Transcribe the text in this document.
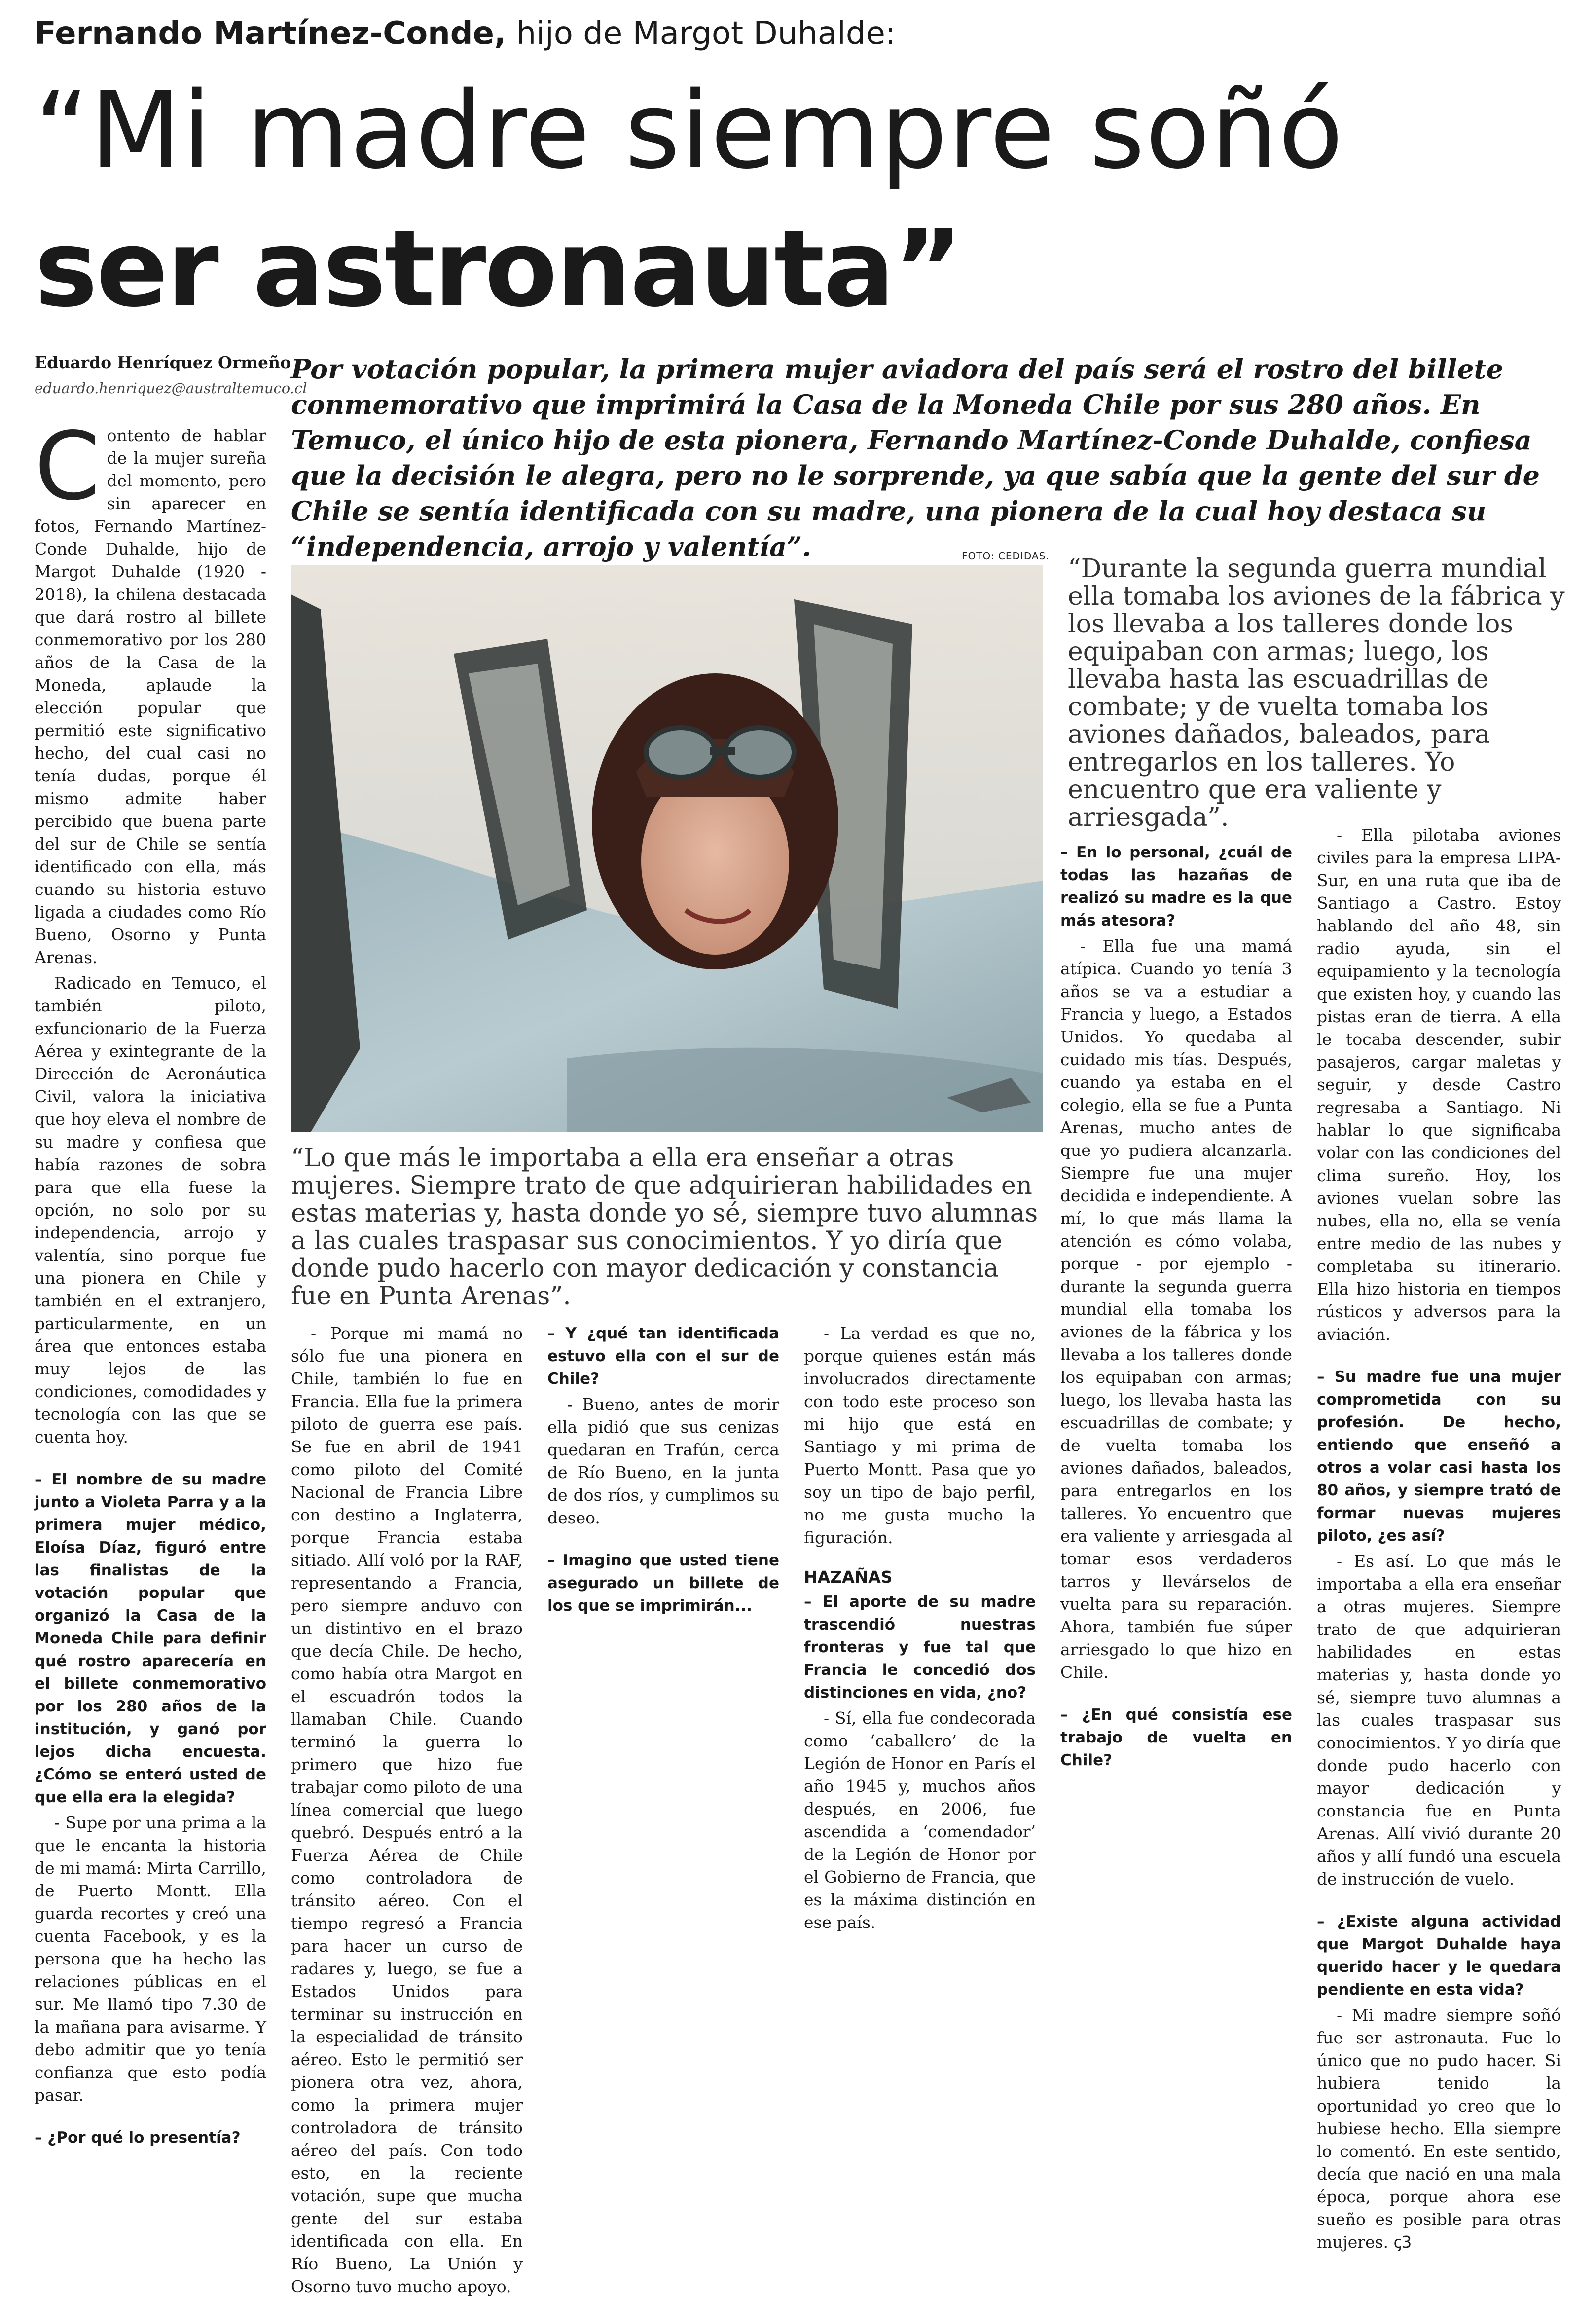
Fernando Martínez-Conde, hijo de Margot Duhalde:
“Mi madre siempre soñó
ser astronauta”
Eduardo Henríquez Ormeño
eduardo.henriquez@australtemuco.cl
Por votación popular, la primera mujer aviadora del país será el rostro del billete conmemorativo que imprimirá la Casa de la Moneda Chile por sus 280 años. En Temuco, el único hijo de esta pionera, Fernando Martínez-Conde Duhalde, confiesa que la decisión le alegra, pero no le sorprende, ya que sabía que la gente del sur de Chile se sentía identificada con su madre, una pionera de la cual hoy destaca su “independencia, arrojo y valentía”.	FOTO: CEDIDAS. “Durante la segunda guerra mundial ella tomaba los aviones de la fábrica y los llevaba a los talleres donde los equipaban con armas; luego, los llevaba hasta las escuadrillas de combate; y de vuelta tomaba los aviones dañados, baleados, para entregarlos en los talleres. Yo encuentro que era valiente y arriesgada”.
“Lo que más le importaba a ella era enseñar a otras mujeres. Siempre trato de que adquirieran habilidades en estas materias y, hasta donde yo sé, siempre tuvo alumnas a las cuales traspasar sus conocimientos. Y yo diría que donde pudo hacerlo con mayor dedicación y constancia fue en Punta Arenas”.

Contento de hablar de la mujer sureña del momento, pero sin aparecer en fotos, Fernando Martínez-Conde Duhalde, hijo de Margot Duhalde (1920 - 2018), la chilena destacada que dará rostro al billete conmemorativo por los 280 años de la Casa de la Moneda, aplaude la elección popular que permitió este significativo hecho, del cual casi no tenía dudas, porque él mismo admite haber percibido que buena parte del sur de Chile se sentía identificado con ella, más cuando su historia estuvo ligada a ciudades como Río Bueno, Osorno y Punta Arenas.

Radicado en Temuco, el también piloto, exfuncionario de la Fuerza Aérea y exintegrante de la Dirección de Aeronáutica Civil, valora la iniciativa que hoy eleva el nombre de su madre y confiesa que había razones de sobra para que ella fuese la opción, no solo por su independencia, arrojo y valentía, sino porque fue una pionera en Chile y también en el extranjero, particularmente, en un área que entonces estaba muy lejos de las condiciones, comodidades y tecnología con las que se cuenta hoy.

– El nombre de su madre junto a Violeta Parra y a la primera mujer médico, Eloísa Díaz, figuró entre las finalistas de la votación popular que organizó la Casa de la Moneda Chile para definir qué rostro aparecería en el billete conmemorativo por los 280 años de la institución, y ganó por lejos dicha encuesta. ¿Cómo se enteró usted de que ella era la elegida?

- Supe por una prima a la que le encanta la historia de mi mamá: Mirta Carrillo, de Puerto Montt. Ella guarda recortes y creó una cuenta Facebook, y es la persona que ha hecho las relaciones públicas en el sur. Me llamó tipo 7.30 de la mañana para avisarme. Y debo admitir que yo tenía confianza que esto podía pasar.

– ¿Por qué lo presentía?

- Porque mi mamá no sólo fue una pionera en Chile, también lo fue en Francia. Ella fue la primera piloto de guerra ese país. Se fue en abril de 1941 como piloto del Comité Nacional de Francia Libre con destino a Inglaterra, porque Francia estaba sitiado. Allí voló por la RAF, representando a Francia, pero siempre anduvo con un distintivo en el brazo que decía Chile. De hecho, como había otra Margot en el escuadrón todos la llamaban Chile. Cuando terminó la guerra lo primero que hizo fue trabajar como piloto de una línea comercial que luego quebró. Después entró a la Fuerza Aérea de Chile como controladora de tránsito aéreo. Con el tiempo regresó a Francia para hacer un curso de radares y, luego, se fue a Estados Unidos para terminar su instrucción en la especialidad de tránsito aéreo. Esto le permitió ser pionera otra vez, ahora, como la primera mujer controladora de tránsito aéreo del país. Con todo esto, en la reciente votación, supe que mucha gente del sur estaba identificada con ella. En Río Bueno, La Unión y Osorno tuvo mucho apoyo.

– Y ¿qué tan identificada estuvo ella con el sur de Chile?

- Bueno, antes de morir ella pidió que sus cenizas quedaran en Trafún, cerca de Río Bueno, en la junta de dos ríos, y cumplimos su deseo.

– Imagino que usted tiene asegurado un billete de los que se imprimirán...

- La verdad es que no, porque quienes están más involucrados directamente con todo este proceso son mi hijo que está en Santiago y mi prima de Puerto Montt. Pasa que yo soy un tipo de bajo perfil, no me gusta mucho la figuración.

HAZAÑAS

– El aporte de su madre trascendió nuestras fronteras y fue tal que Francia le concedió dos distinciones en vida, ¿no?

- Sí, ella fue condecorada como ‘caballero’ de la Legión de Honor en París el año 1945 y, muchos años después, en 2006, fue ascendida a ‘comendador’ de la Legión de Honor por el Gobierno de Francia, que es la máxima distinción en ese país.

– En lo personal, ¿cuál de todas las hazañas de realizó su madre es la que más atesora?

- Ella fue una mamá atípica. Cuando yo tenía 3 años se va a estudiar a Francia y luego, a Estados Unidos. Yo quedaba al cuidado mis tías. Después, cuando ya estaba en el colegio, ella se fue a Punta Arenas, mucho antes de que yo pudiera alcanzarla. Siempre fue una mujer decidida e independiente. A mí, lo que más llama la atención es cómo volaba, porque - por ejemplo - durante la segunda guerra mundial ella tomaba los aviones de la fábrica y los llevaba a los talleres donde los equipaban con armas; luego, los llevaba hasta las escuadrillas de combate; y de vuelta tomaba los aviones dañados, baleados, para entregarlos en los talleres. Yo encuentro que era valiente y arriesgada al tomar esos verdaderos tarros y llevárselos de vuelta para su reparación. Ahora, también fue súper arriesgado lo que hizo en Chile.

– ¿En qué consistía ese trabajo de vuelta en Chile?

- Ella pilotaba aviones civiles para la empresa LIPA-Sur, en una ruta que iba de Santiago a Castro. Estoy hablando del año 48, sin radio ayuda, sin el equipamiento y la tecnología que existen hoy, y cuando las pistas eran de tierra. A ella le tocaba descender, subir pasajeros, cargar maletas y seguir, y desde Castro regresaba a Santiago. Ni hablar lo que significaba volar con las condiciones del clima sureño. Hoy, los aviones vuelan sobre las nubes, ella no, ella se venía entre medio de las nubes y completaba su itinerario. Ella hizo historia en tiempos rústicos y adversos para la aviación.

– Su madre fue una mujer comprometida con su profesión. De hecho, entiendo que enseñó a otros a volar casi hasta los 80 años, y siempre trató de formar nuevas mujeres piloto, ¿es así?

- Es así. Lo que más le importaba a ella era enseñar a otras mujeres. Siempre trato de que adquirieran habilidades en estas materias y, hasta donde yo sé, siempre tuvo alumnas a las cuales traspasar sus conocimientos. Y yo diría que donde pudo hacerlo con mayor dedicación y constancia fue en Punta Arenas. Allí vivió durante 20 años y allí fundó una escuela de instrucción de vuelo.

– ¿Existe alguna actividad que Margot Duhalde haya querido hacer y le quedara pendiente en esta vida?

- Mi madre siempre soñó fue ser astronauta. Fue lo único que no pudo hacer. Si hubiera tenido la oportunidad yo creo que lo hubiese hecho. Ella siempre lo comentó. En este sentido, decía que nació en una mala época, porque ahora ese sueño es posible para otras mujeres. ꞔ3
